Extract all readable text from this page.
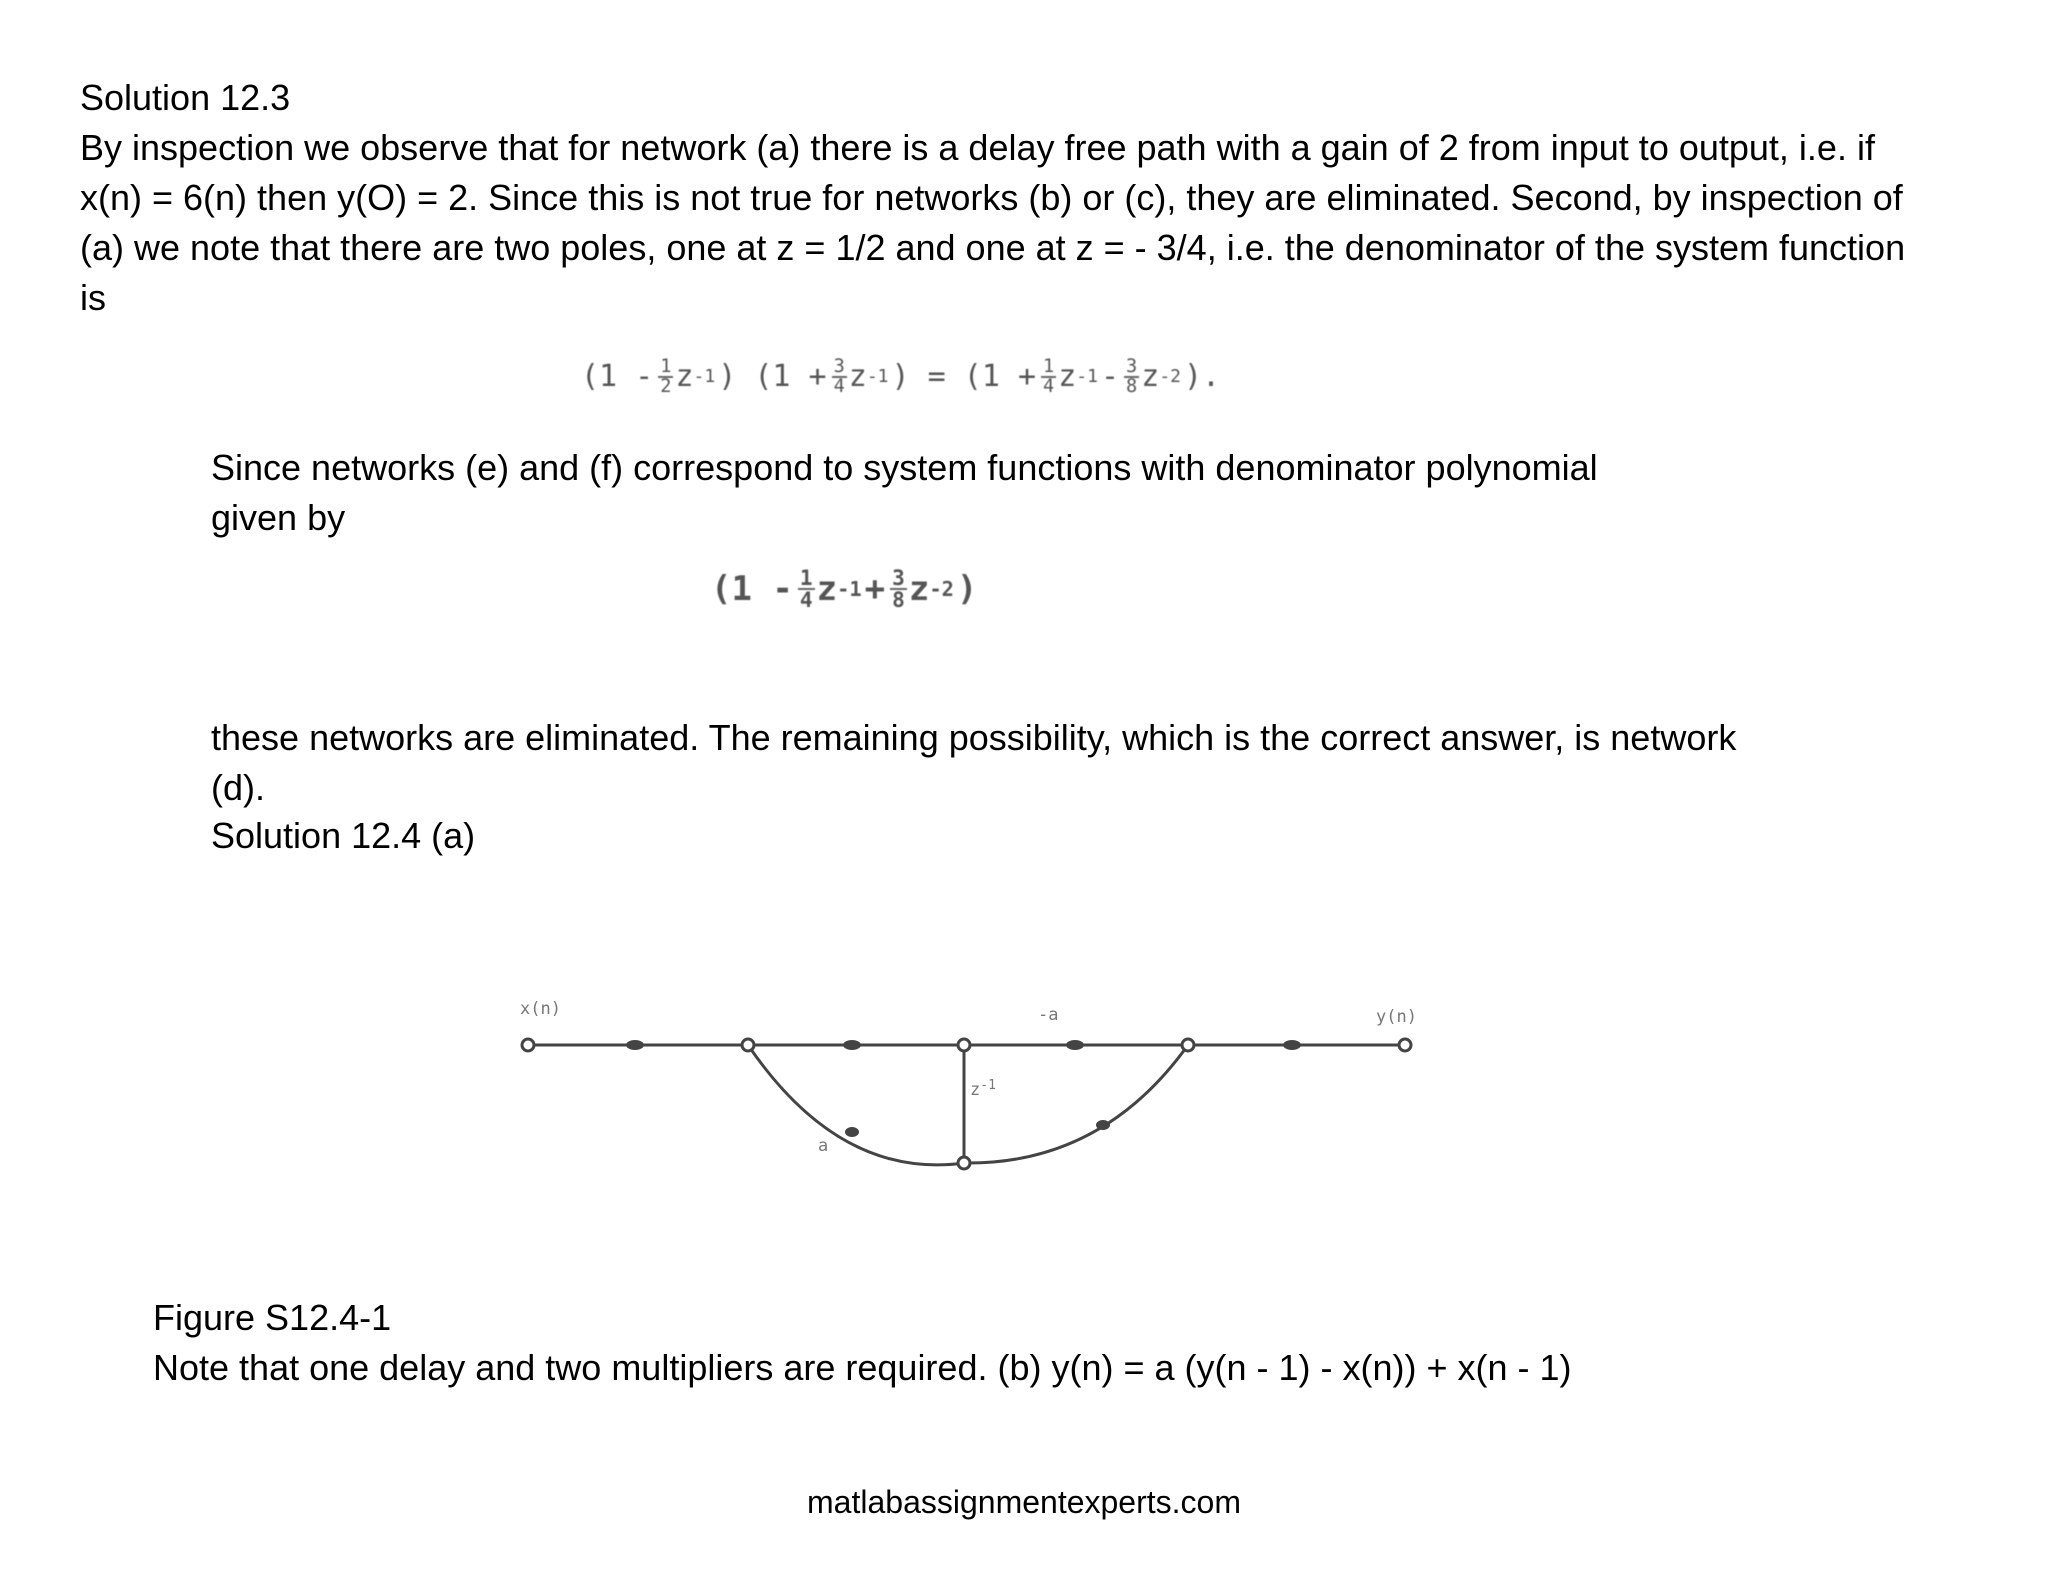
Solution 12.3
By inspection we observe that for network (a) there is a delay free path with a gain of 2 from input to output, i.e. if
x(n) = 6(n) then y(O) = 2. Since this is not true for networks (b) or (c), they are eliminated. Second, by inspection of
(a) we note that there are two poles, one at z = 1/2 and one at z = - 3/4, i.e. the denominator of the system function
is
($1 - \frac{1}{2}$ z -1 ) ($1 + \frac{3}{4}$ z -1 ) = ($1 + \frac{1}{4}$ z $-1 - \frac{3}{8}$ z -2 ).
Since networks (e) and (f) correspond to system functions with denominator polynomial
given by
($1 - \frac{1}{4}$ z $-1 + \frac{3}{8}$ z -2 )
these networks are eliminated. The remaining possibility, which is the correct answer, is network
(d).
Solution 12.4 (a)
x(n)	y(n)
-a
$z^{-1}$
a
Figure S12.4-1
Note that one delay and two multipliers are required. (b) y(n) = a (y(n - 1) - x(n)) + x(n - 1)
matlabassignmentexperts.com
